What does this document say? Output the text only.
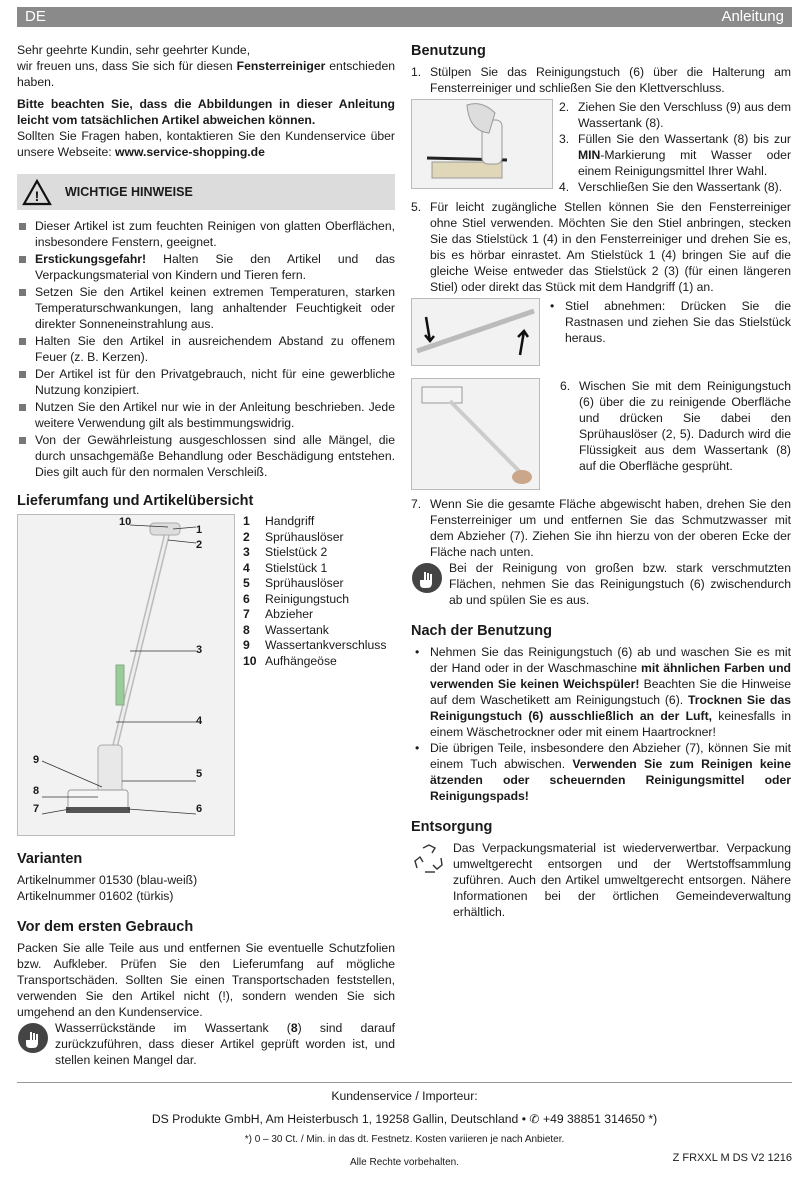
DE	Anleitung

Sehr geehrte Kundin, sehr geehrter Kunde,

wir freuen uns, dass Sie sich für diesen Fensterreiniger entschieden haben.

Bitte beachten Sie, dass die Abbildungen in dieser Anleitung leicht vom tatsächlichen Artikel abweichen können.

Sollten Sie Fragen haben, kontaktieren Sie den Kundenservice über unsere Webseite: www.service-shopping.de

! WICHTIGE HINWEISE
Dieser Artikel ist zum feuchten Reinigen von glatten Oberflächen, insbesondere Fenstern, geeignet.
Erstickungsgefahr! Halten Sie den Artikel und das Verpackungsmaterial von Kindern und Tieren fern.
Setzen Sie den Artikel keinen extremen Temperaturen, starken Temperaturschwankungen, lang anhaltender Feuchtigkeit oder direkter Sonneneinstrahlung aus.
Halten Sie den Artikel in ausreichendem Abstand zu offenem Feuer (z. B. Kerzen).
Der Artikel ist für den Privatgebrauch, nicht für eine gewerbliche Nutzung konzipiert.
Nutzen Sie den Artikel nur wie in der Anleitung beschrieben. Jede weitere Verwendung gilt als bestimmungswidrig.
Von der Gewährleistung ausgeschlossen sind alle Mängel, die durch unsachgemäße Behandlung oder Beschädigung entstehen. Dies gilt auch für den normalen Verschleiß.
Lieferumfang und Artikelübersicht
10
1
2
3
4
9
5
8
7	6
1	Handgriff
2	Sprühauslöser
3	Stielstück 2
4	Stielstück 1
5	Sprühauslöser
6	Reinigungstuch
7	Abzieher
8	Wassertank
9	Wassertankverschluss
10 Aufhängeöse
Varianten

Artikelnummer 01530 (blau-weiß)

Artikelnummer 01602 (türkis)

Vor dem ersten Gebrauch

Packen Sie alle Teile aus und entfernen Sie eventuelle Schutzfolien bzw. Aufkleber. Prüfen Sie den Lieferumfang auf mögliche Transportschäden. Sollten Sie einen Transportschaden feststellen, verwenden Sie den Artikel nicht (!), sondern wenden Sie sich umgehend an den Kundenservice.

Wasserrückstände im Wassertank (8) sind darauf zurückzuführen, dass dieser Artikel geprüft worden ist, und stellen keinen Mangel dar.

Benutzung
1. Stülpen Sie das Reinigungstuch (6) über die Halterung am Fensterreiniger und schließen Sie den Klettverschluss.
2. Ziehen Sie den Verschluss (9) aus dem Wassertank (8).
3. Füllen Sie den Wassertank (8) bis zur MIN-Markierung mit Wasser oder einem Reinigungsmittel Ihrer Wahl.
4. Verschließen Sie den Wassertank (8).
5. Für leicht zugängliche Stellen können Sie den Fensterreiniger ohne Stiel verwenden. Möchten Sie den Stiel anbringen, stecken Sie das Stielstück 1 (4) in den Fensterreiniger und drehen Sie es, bis es hörbar einrastet. Am Stielstück 1 (4) bringen Sie auf die gleiche Weise entweder das Stielstück 2 (3) (für einen längeren Stiel) oder direkt das Stück mit dem Handgriff (1) an.
• Stiel abnehmen: Drücken Sie die Rastnasen und ziehen Sie das Stielstück heraus.
6. Wischen Sie mit dem Reinigungstuch (6) über die zu reinigende Oberfläche und drücken Sie dabei den Sprühauslöser (2, 5). Dadurch wird die Flüssigkeit aus dem Wassertank (8) auf die Oberfläche gesprüht.
7. Wenn Sie die gesamte Fläche abgewischt haben, drehen Sie den Fensterreiniger um und entfernen Sie das Schmutzwasser mit dem Abzieher (7). Ziehen Sie ihn hierzu von der oberen Ecke der Fläche nach unten.

Bei der Reinigung von großen bzw. stark verschmutzten Flächen, nehmen Sie das Reinigungstuch (6) zwischendurch ab und spülen Sie es aus.

Nach der Benutzung
• Nehmen Sie das Reinigungstuch (6) ab und waschen Sie es mit der Hand oder in der Waschmaschine mit ähnlichen Farben und verwenden Sie keinen Weichspüler! Beachten Sie die Hinweise auf dem Waschetikett am Reinigungstuch (6). Trocknen Sie das Reinigungstuch (6) ausschließlich an der Luft, keinesfalls in einem Wäschetrockner oder mit einem Haartrockner!
• Die übrigen Teile, insbesondere den Abzieher (7), können Sie mit einem Tuch abwischen. Verwenden Sie zum Reinigen keine ätzenden oder scheuernden Reinigungsmittel oder Reinigungspads!
Entsorgung

Das Verpackungsmaterial ist wiederverwertbar. Verpackung umweltgerecht entsorgen und der Wertstoffsammlung zuführen. Auch den Artikel umweltgerecht entsorgen. Nähere Informationen bei der örtlichen Gemeindeverwaltung erhältlich.

Kundenservice / Importeur:
DS Produkte GmbH, Am Heisterbusch 1, 19258 Gallin, Deutschland • ✆ +49 38851 314650 *)
*) 0 – 30 Ct. / Min. in das dt. Festnetz. Kosten variieren je nach Anbieter.
Alle Rechte vorbehalten.	Z FRXXL M DS V2 1216
